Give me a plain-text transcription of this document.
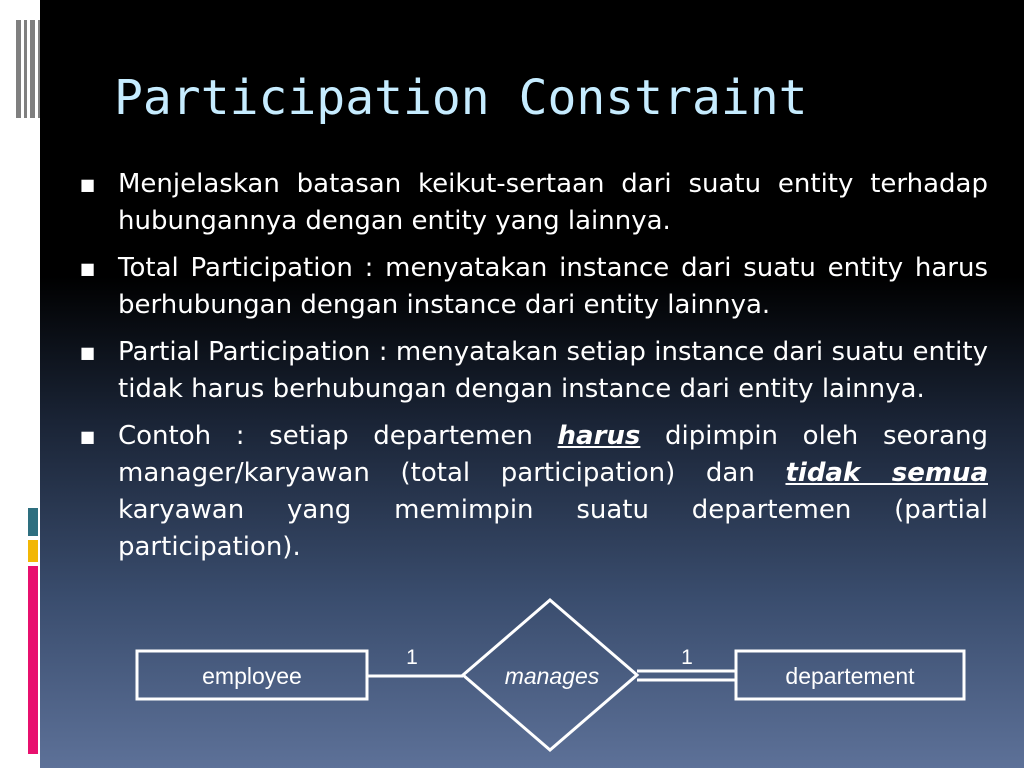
Participation Constraint
■ Menjelaskan batasan keikut-sertaan dari suatu entity terhadap hubungannya dengan entity yang lainnya.
■ Total Participation : menyatakan instance dari suatu entity harus berhubungan dengan instance dari entity lainnya.
■ Partial Participation : menyatakan setiap instance dari suatu entity tidak harus berhubungan dengan instance dari entity lainnya.
■ Contoh : setiap departemen harus dipimpin oleh seorang manager/karyawan (total participation) dan tidak semua karyawan yang memimpin suatu departemen (partial participation).
employee	manages	departement
1	1
